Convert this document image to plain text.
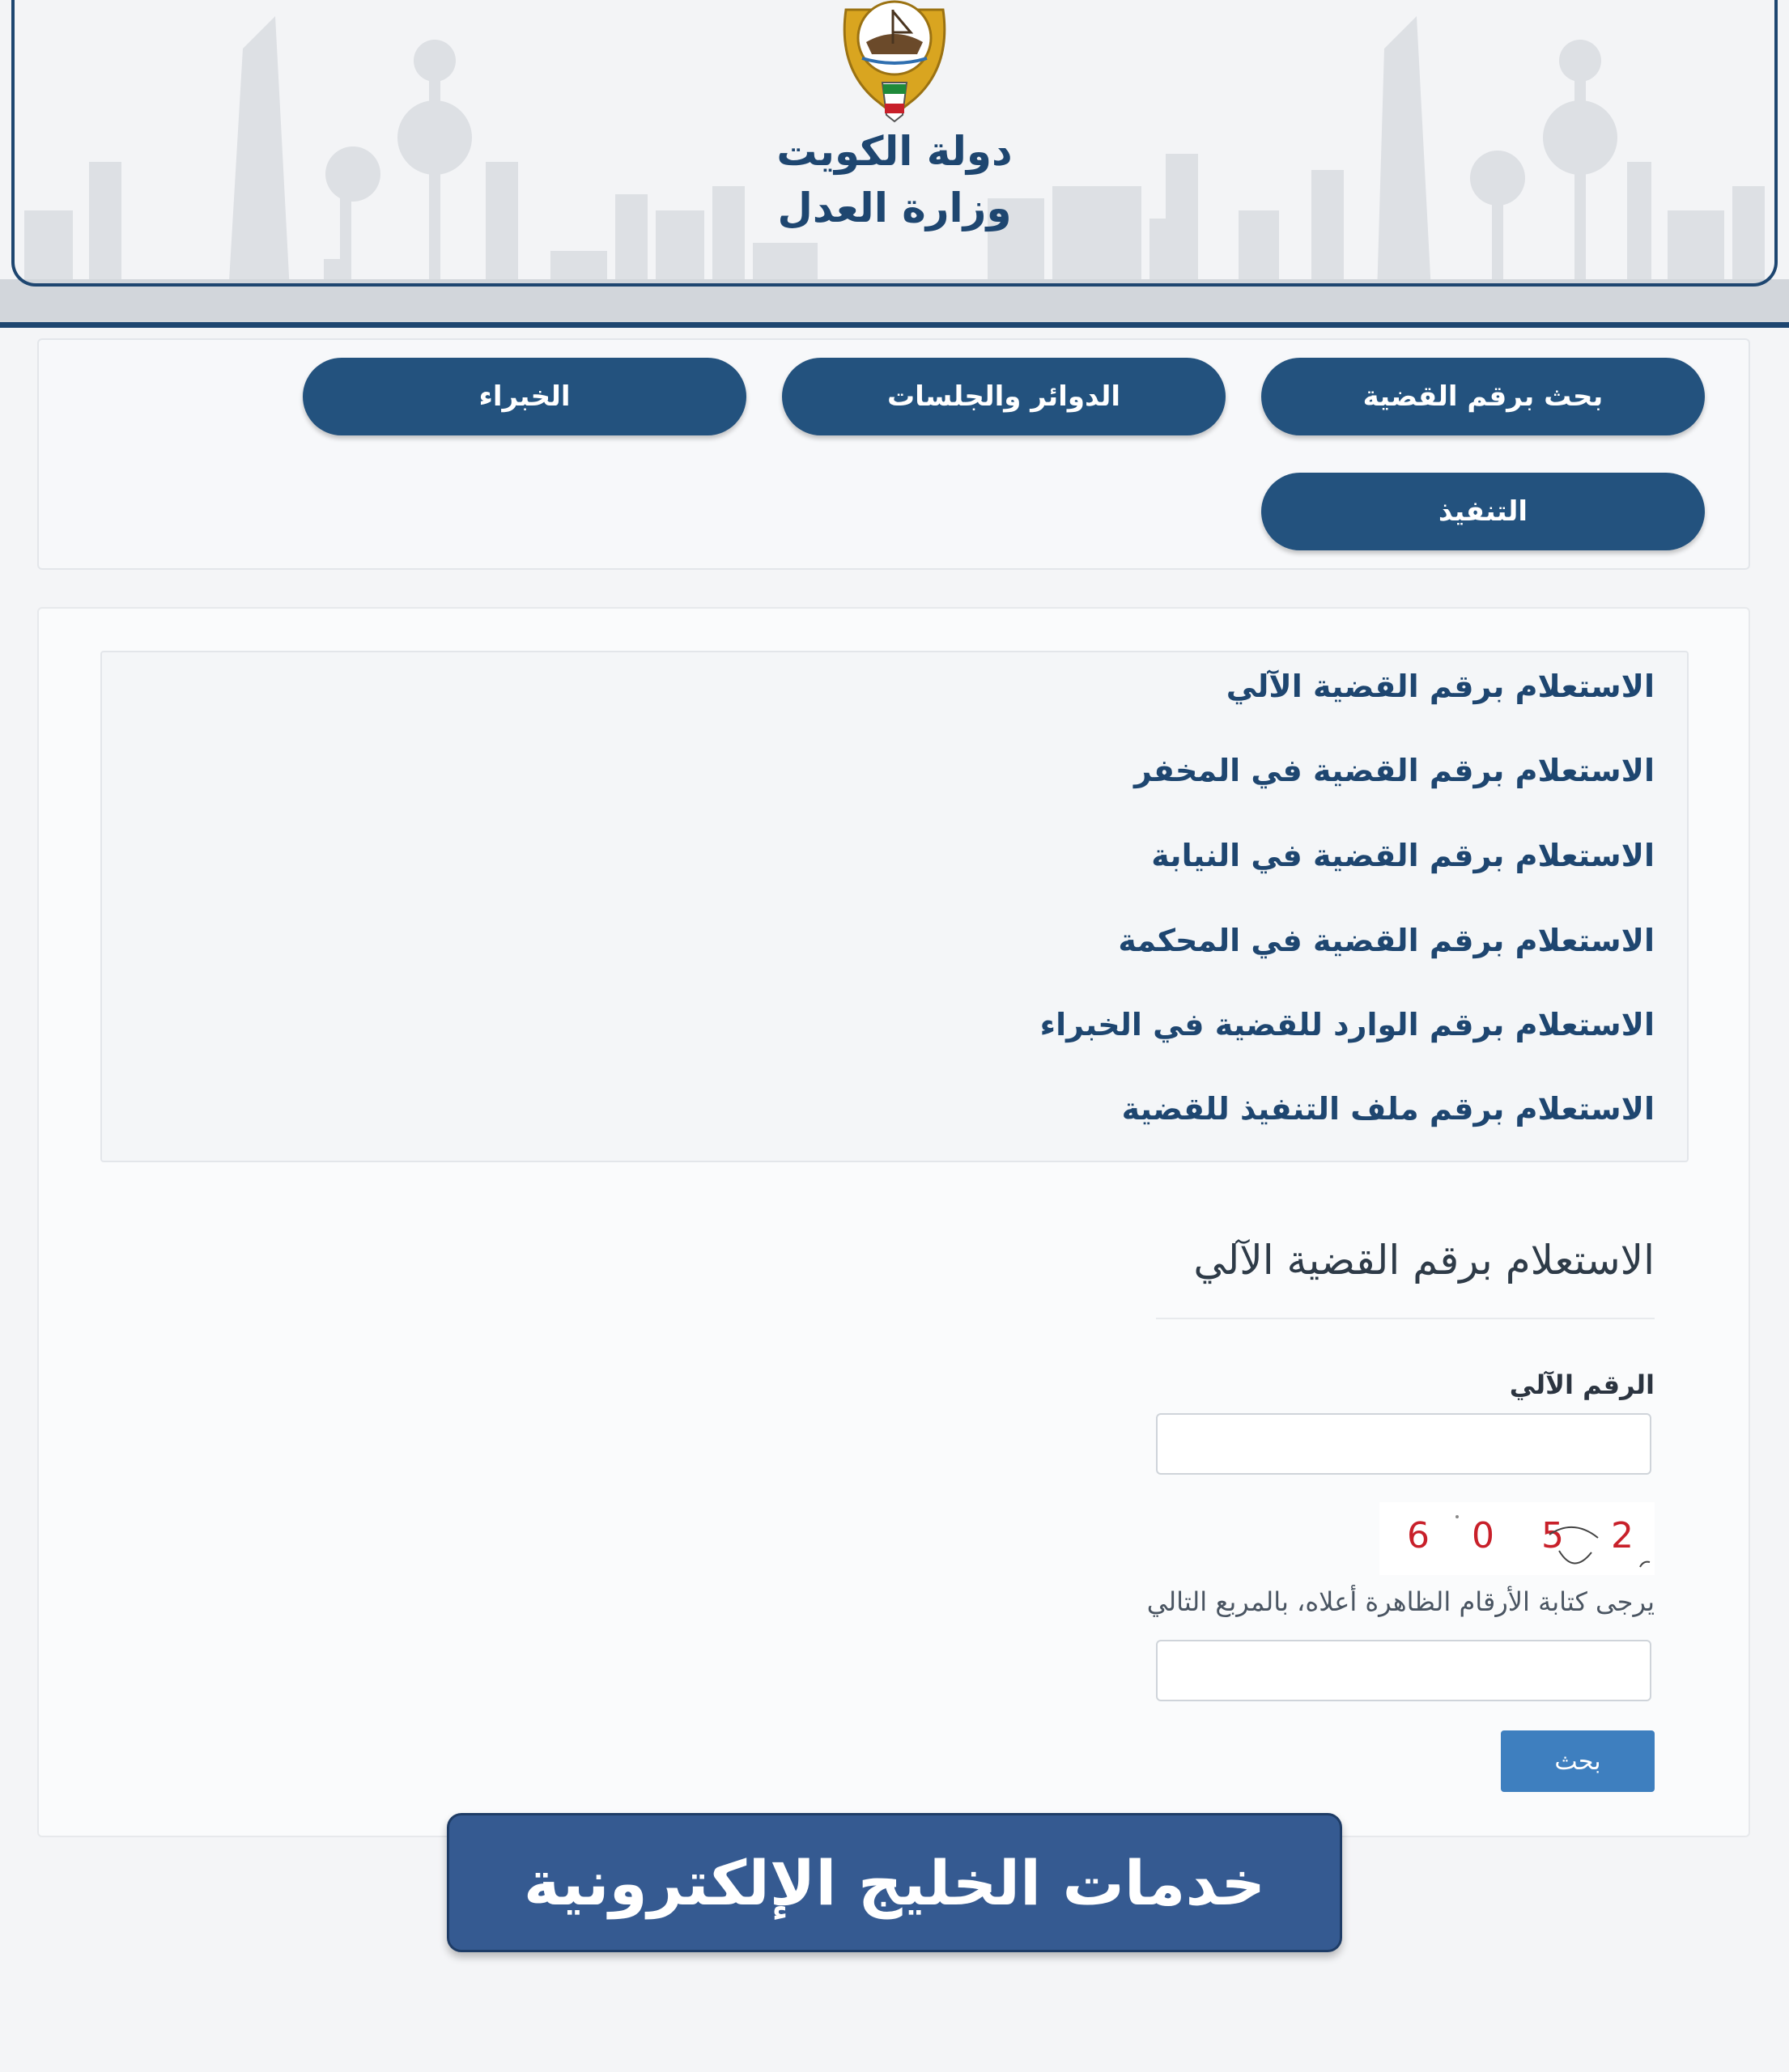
دولة الكويت
وزارة العدل
بحث برقم القضية
الدوائر والجلسات
الخبراء
التنفيذ
الاستعلام برقم القضية الآلي
الاستعلام برقم القضية في المخفر
الاستعلام برقم القضية في النيابة
الاستعلام برقم القضية في المحكمة
الاستعلام برقم الوارد للقضية في الخبراء
الاستعلام برقم ملف التنفيذ للقضية
الاستعلام برقم القضية الآلي
الرقم الآلي
6 0 5 2
يرجى كتابة الأرقام الظاهرة أعلاه، بالمربع التالي
بحث
خدمات الخليج الإلكترونية
